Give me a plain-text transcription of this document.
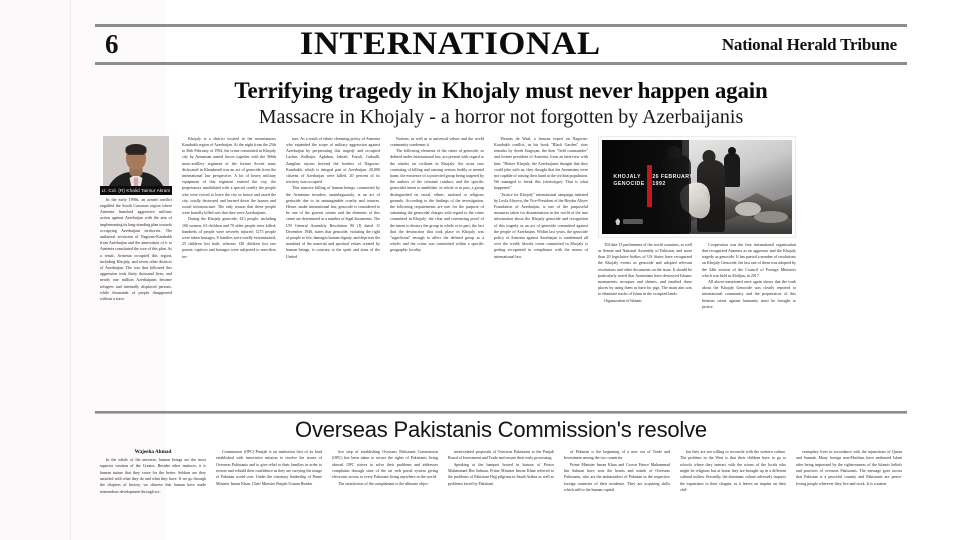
6	INTERNATIONAL	National Herald Tribune
Terrifying tragedy in Khojaly must never happen again
Massacre in Khojaly - a horror not forgotten by Azerbaijanis
Lt. Col. (R) Khalid Taimur Akram

In the early 1990s, an armed conflict engulfed the South Caucasus region where Armenia launched aggressive military action against Azerbaijan with the aim of implementing its long-standing plan towards occupying Azerbaijani territories. The unilateral secession of Nagorno-Karabakh from Azerbaijan and the annexation of it to Armenia constituted the core of this plan. As a result, Armenia occupied this region, including Khojaly, and seven other districts of Azerbaijan. The war that followed this aggression took thirty thousand lives, and nearly one million Azerbaijanis became refugees and internally displaced persons, while thousands of people disappeared without a trace.

Khojaly is a district located in the mountainous Karabakh region of Azerbaijan. At the night from the 25th to 26th February of 1992, the crime committed in Khojaly city by Armenian armed forces together with the 366th moto-artillery regiment of the former Soviet army dislocated in Khankendi was an act of genocide from the international law perspective. A lot of heavy military equipment of this regiment entered the city, the perpetrators annihilated with a special cruelty the people who were forced to leave the city in horror and razed the city, totally destroyed and burned down the houses and social infrastructure. The only reason that these people were brutally killed was that they were Azerbaijanis.

During the Khojaly genocide, 613 people, including 106 women, 63 children and 70 older people were killed; hundreds of people were severely injured; 1275 people were taken hostages, 8 families were totally exterminated, 25 children lost both, whereas 130 children lost one parent; captives and hostages were subjected to merciless tor-

ture. As a result of ethnic cleansing policy of Armenia who expanded the scope of military aggression against Azerbaijan by perpetrating this tragedy and occupied Lachin, Kalbajar, Aghdam, Jabrail, Fuzuli, Gubadli, Zangilan rayons beyond the borders of Nagorno-Karabakh, which is integral part of Azerbaijan, 20,000 citizens of Azerbaijan were killed, 20 percent of its territory was occupied.

This massive killing of human beings, committed by the Armenian invaders, unambiguously, is an act of genocide due to its unimaginable cruelty and tortures. Hence, under international law, genocide is considered to be one of the gravest crimes and the elements of this crime are determined in a number of legal documents. The UN General Assembly Resolution 96 (I) dated 11 December 1946, states that genocide, violating the right of people to life, damages human dignity, and deprives the mankind of the material and spiritual values created by human beings, is contrary to the spirit and aims of the United

Nations, as well as to universal values and the world community condemns it.

The following elements of the crime of genocide, as defined under international law, are present with regard to the attacks on civilians in Khojaly: the actus reus consisting of killing and causing serious bodily or mental harm; the existence of a protected group being targeted by the authors of the criminal conduct; and the specific genocidal intent to annihilate, in whole or in part, a group distinguished on racial, ethnic, national or religious grounds. According to the findings of the investigation, the following requirements are met for the purpose of sustaining the genocidal charges with regard to the crime committed in Khojaly: the clear and convincing proof of the intent to destroy the group in whole or in part; the fact that the destruction that took place in Khojaly was "significant" enough to affect the defined group as a whole; and the crime was committed within a specific geographic locality.

Thomas de Waal, a famous expert on Nagorno-Karabakh conflict, in his book "Black Garden" cites remarks by Serzh Sargsyan, the then "field commander" and former president of Armenia, from an interview with him: "Before Khojaly, the Azerbaijanis thought that they could joke with us, they thought that the Armenians were not capable of raising their hand at the civilian population. We managed to break this (stereotype). That is what happened."

"Justice for Khojaly" international campaign initiated by Leyla Aliyeva, the Vice-President of the Heydar Aliyev Foundation of Azerbaijan, is one of the purposeful measures taken for dissemination in the world of the true information about the Khojaly genocide and recognition of this tragedy as an act of genocide committed against the people of Azerbaijan. Within last years, the genocide policy of Armenia against Azerbaijan is condemned all over the world; bloody crime committed in Khojaly is getting recognized in compliance with the norms of international law.

KHOJALY
GENOCIDE
26 FEBRUARY
1992

Till date 13 parliaments of the world countries, as well as Senate and National Assembly of Pakistan, and more than 20 legislative bodies of US States have recognized the Khojaly events as genocide and adopted relevant resolutions and other documents on the issue. It should be particularly noted that Armenians have destroyed Islamic monuments, mosques and shrines, and insulted these places by using them as barn for pigs. The main aim was to eliminate tracks of Islam in the occupied lands.

Organization of Islamic

Cooperation was the first international organisation that recognized Armenia as an aggressor and the Khojaly tragedy as genocide. It has passed a number of resolutions on Khojaly Genocide, the last one of them was adopted by the 44th session of the Council of Foreign Ministers which was held in Abidjan, in 2017.

All above-mentioned once again shows that the truth about the Khojaly Genocide was clearly reported to international community and the perpetrators of this heinous crime against humanity must be brought to justice.

Overseas Pakistanis Commission's resolve
Wajeeha Ahmad

In the whole of the universe, human beings are the most superior creation of the Creator. Besides other instincts, it is human nature that they crave for the better. Seldom are they satisfied with what they do and what they have. If we go through the chapters of history, we observe that human have made tremendous development through sci-

Commission (OPC) Punjab is an institution first of its kind established with innovative mission to resolve the issues of Overseas Pakistanis and to give relief to their families in order to restore and rebuild their confidence as they are carrying the image of Pakistan world over. Under the visionary leadership of Prime Minister Imran Khan, Chief Minister Punjab Usman Buzdar

tive step of establishing Overseas Pakistanis Commission (OPC) has been taken to secure the rights of Pakistanis living abroad. OPC strives to solve their problems and addresses complaints through state of the art web portal system giving electronic access to every Pakistani living anywhere in the world.

The satisfaction of the complainant is the ultimate objec-

ment-related proposals of Overseas Pakistanis to the Punjab Board of Investment and Trade and ensure their early processing.

Speaking at the banquet hosted in honour of Prince Muhammad Bin Salman, Prime Minister Imran Khan referred to the problems of Pakistani Hajj pilgrims in Saudi Arabia as well as problems faced by Pakistani

of Pakistan is the beginning of a new era of Trade and Investment among the two countries.

Prime Minister Imran Khan and Crown Prince Muhammad bin Salman have won the hearts and minds of Overseas Pakistanis, who are the ambassadors of Pakistan in the respective foreign countries of their residence. They are acquiring skills which add to the human capital

but they are not willing to reconcile with the western culture. The problem in the West is that their children have to go to schools where they interact with the scions of the locals who might be religious but at home they are brought up in a different cultural milieu. Secondly, the dominant culture adversely impacts the expatriates to their chagrin, as it leaves an imprint on their chil-

exemplary lives in accordance with the injunctions of Quran and Sunnah. Many foreign non-Muslims have embraced Islam after being impressed by the righteousness of the Islamic beliefs and practices of overseas Pakistanis. The message goes across that Pakistan is a peaceful country and Pakistanis are peace-loving people wherever they live and work. It is a matter
